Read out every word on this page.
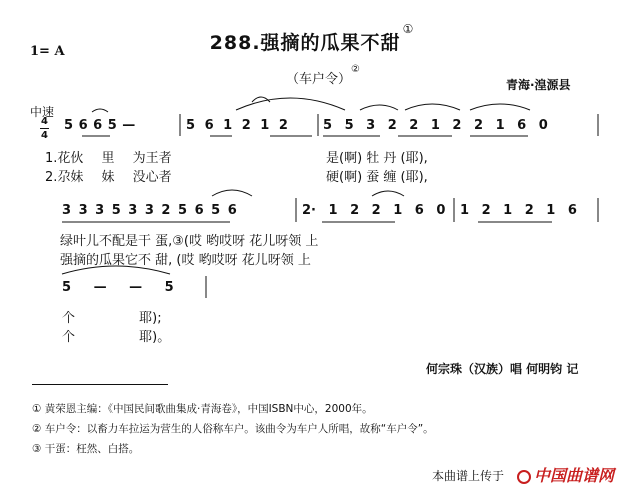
288.强摘的瓜果不甜①
1= A
（车户令）②
青海·湟源县
中速
4
4
5 6 6 5 —	5 6 1 2 1 2	5 5 3 2 2 1 2 2 1 6 0
1.花伙 里 为王者	是(啊) 牡 丹 (耶),
2.尕妹 妹 没心者	硬(啊) 蚕 缠 (耶),
3 3 3 5 3 3 2 5 6 5 6	2· 1 2 2 1 6 0 1 2 1 2 1 6
绿叶儿不配是干 蛋,③(哎 哟哎呀 花儿呀领 上
强摘的瓜果它不 甜, (哎 哟哎呀 花儿呀领 上
5 — — 5
个 耶);
个 耶)。
何宗珠（汉族）唱 何明钧 记
① 黄荣恩主编：《中国民间歌曲集成·青海卷》，中国ISBN中心，2000年。
② 车户令：以畜力车拉运为营生的人俗称车户。该曲令为车户人所唱，故称“车户令”。
③ 干蛋：枉然、白搭。
本曲谱上传于	中国曲谱网
